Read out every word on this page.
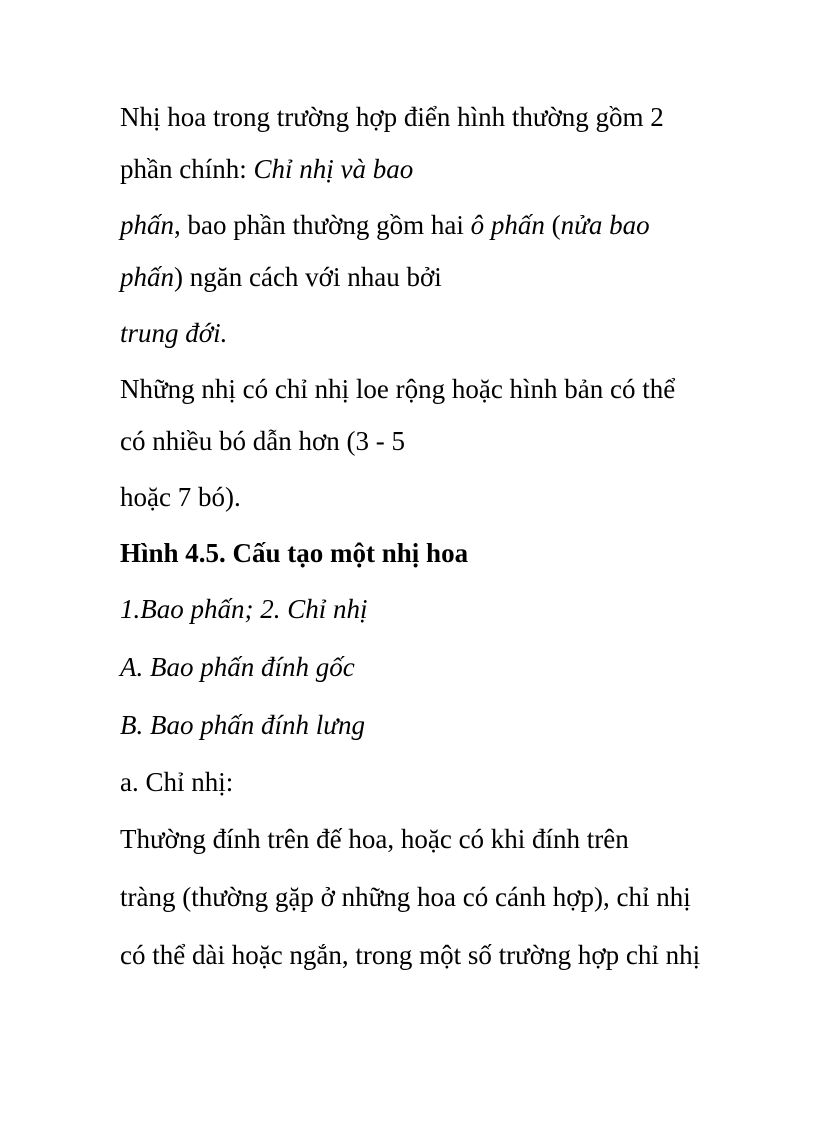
Nhị hoa trong trường hợp điển hình thường gồm 2
phần chính: Chỉ nhị và bao
phấn, bao phần thường gồm hai ô phấn (nửa bao
phấn) ngăn cách với nhau bởi
trung đới.
Những nhị có chỉ nhị loe rộng hoặc hình bản có thể
có nhiều bó dẫn hơn (3 - 5
hoặc 7 bó).
Hình 4.5. Cấu tạo một nhị hoa
1.Bao phấn; 2. Chỉ nhị
A. Bao phấn đính gốc
B. Bao phấn đính lưng
a. Chỉ nhị:
Thường đính trên đế hoa, hoặc có khi đính trên
tràng (thường gặp ở những hoa có cánh hợp), chỉ nhị
có thể dài hoặc ngắn, trong một số trường hợp chỉ nhị
